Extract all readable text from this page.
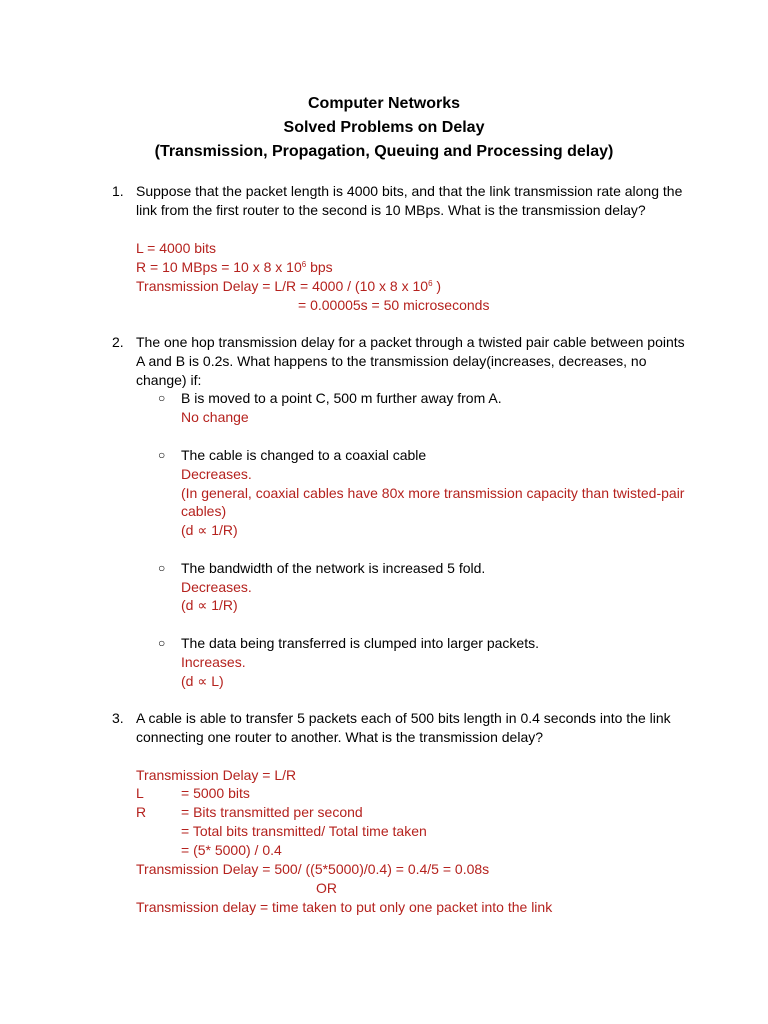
Computer Networks
Solved Problems on Delay
(Transmission, Propagation, Queuing and Processing delay)
1. Suppose that the packet length is 4000 bits, and that the link transmission rate along the
link from the first router to the second is 10 MBps. What is the transmission delay?
L = 4000 bits
R = 10 MBps = 10 x 8 x $10^6$ bps
Transmission Delay = L/R = 4000 / (10 x 8 x $10^6$ )
= 0.00005s = 50 microseconds
2. The one hop transmission delay for a packet through a twisted pair cable between points
A and B is 0.2s. What happens to the transmission delay(increases, decreases, no
change) if:
○ B is moved to a point C, 500 m further away from A.
No change
○ The cable is changed to a coaxial cable
Decreases.
(In general, coaxial cables have 80x more transmission capacity than twisted-pair
cables)
(d ∝ 1/R)
○ The bandwidth of the network is increased 5 fold.
Decreases.
(d ∝ 1/R)
○ The data being transferred is clumped into larger packets.
Increases.
(d ∝ L)
3. A cable is able to transfer 5 packets each of 500 bits length in 0.4 seconds into the link
connecting one router to another. What is the transmission delay?
Transmission Delay = L/R
L	= 5000 bits
R = Bits transmitted per second
= Total bits transmitted/ Total time taken
= (5* 5000) / 0.4
Transmission Delay = 500/ ((5*5000)/0.4) = 0.4/5 = 0.08s
OR
Transmission delay = time taken to put only one packet into the link
